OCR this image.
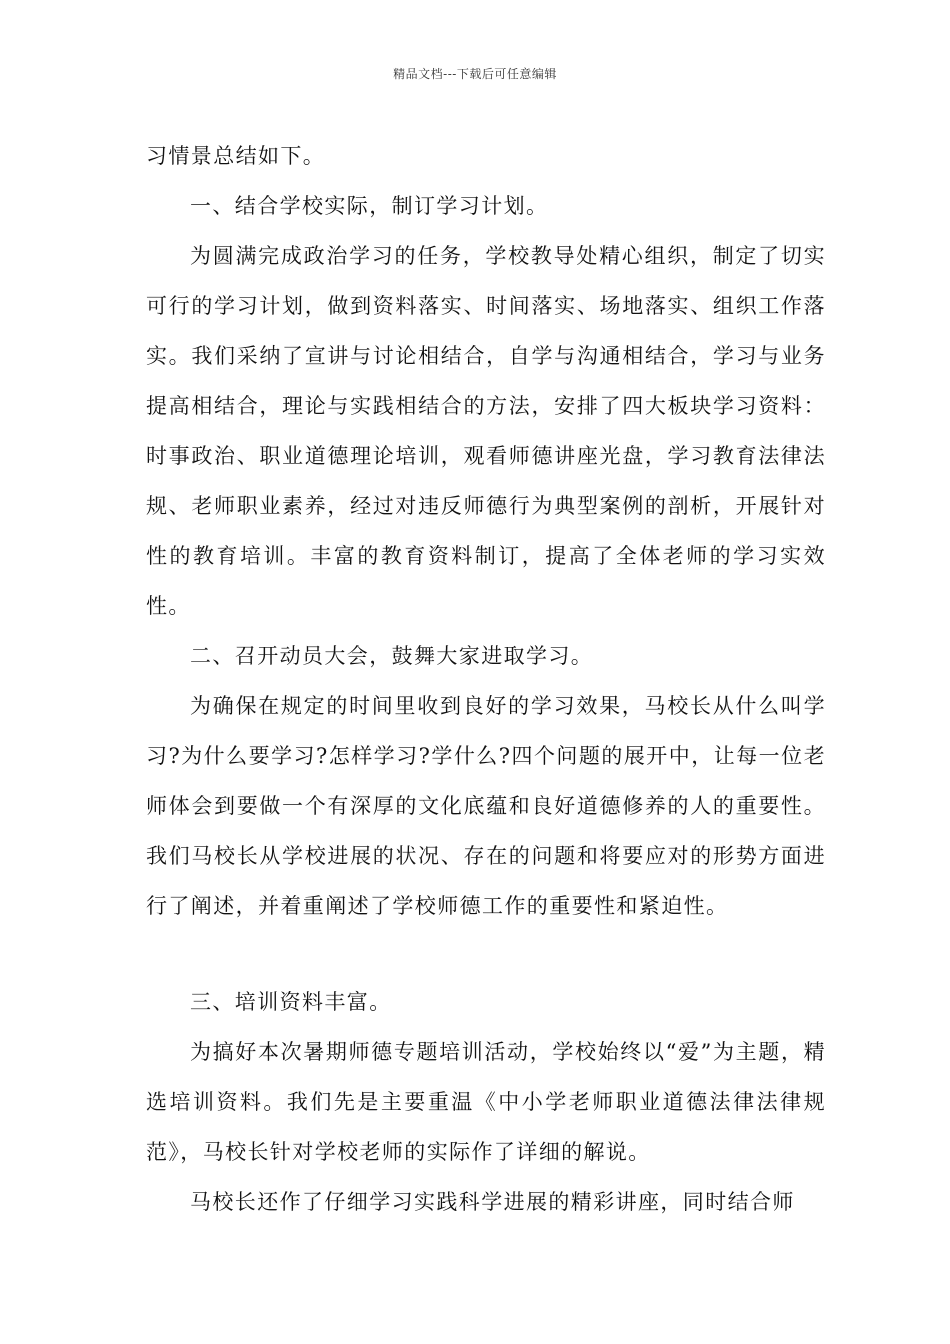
精品文档---下载后可任意编辑

习情景总结如下。

一、结合学校实际，制订学习计划。

为圆满完成政治学习的任务，学校教导处精心组织，制定了切实可行的学习计划，做到资料落实、时间落实、场地落实、组织工作落实。我们采纳了宣讲与讨论相结合，自学与沟通相结合，学习与业务提高相结合，理论与实践相结合的方法，安排了四大板块学习资料：时事政治、职业道德理论培训，观看师德讲座光盘，学习教育法律法规、老师职业素养，经过对违反师德行为典型案例的剖析，开展针对性的教育培训。丰富的教育资料制订，提高了全体老师的学习实效性。

二、召开动员大会，鼓舞大家进取学习。

为确保在规定的时间里收到良好的学习效果，马校长从什么叫学习?为什么要学习?怎样学习?学什么?四个问题的展开中，让每一位老师体会到要做一个有深厚的文化底蕴和良好道德修养的人的重要性。我们马校长从学校进展的状况、存在的问题和将要应对的形势方面进行了阐述，并着重阐述了学校师德工作的重要性和紧迫性。

三、培训资料丰富。

为搞好本次暑期师德专题培训活动，学校始终以“爱”为主题，精选培训资料。我们先是主要重温《中小学老师职业道德法律法律规范》，马校长针对学校老师的实际作了详细的解说。

马校长还作了仔细学习实践科学进展的精彩讲座，同时结合师
